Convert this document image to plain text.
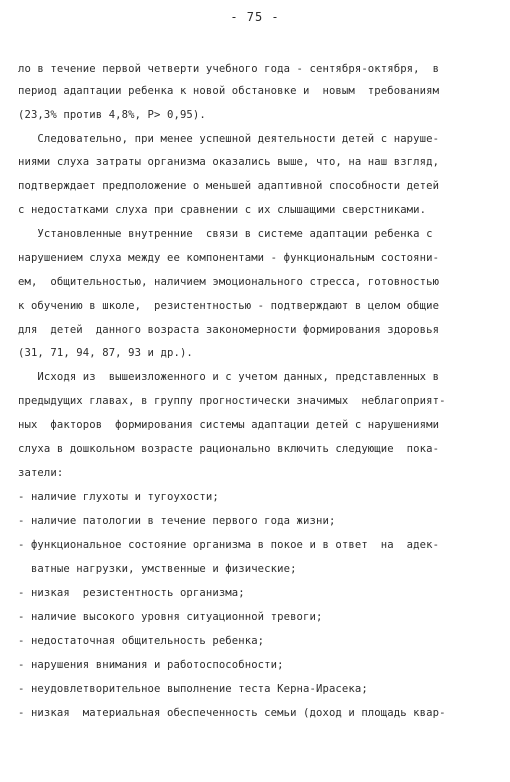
- 75 -
ло в течение первой четверти учебного года - сентября-октября,  в
период адаптации ребенка к новой обстановке и  новым  требованиям
(23,3% против 4,8%, Р> 0,95).
Следовательно, при менее успешной деятельности детей с наруше-
ниями слуха затраты организма оказались выше, что, на наш взгляд,
подтверждает предположение о меньшей адаптивной способности детей
с недостатками слуха при сравнении с их слышащими сверстниками.
Установленные внутренние  связи в системе адаптации ребенка с
нарушением слуха между ее компонентами - функциональным состояни-
ем,  общительностью, наличием эмоционального стресса, готовностью
к обучению в школе,  резистентностью - подтверждают в целом общие
для  детей  данного возраста закономерности формирования здоровья
(31, 71, 94, 87, 93 и др.).
Исходя из  вышеизложенного и с учетом данных, представленных в
предыдущих главах, в группу прогностически значимых  неблагоприят-
ных  факторов  формирования системы адаптации детей с нарушениями
слуха в дошкольном возрасте рационально включить следующие  пока-
затели:
- наличие глухоты и тугоухости;
- наличие патологии в течение первого года жизни;
- функциональное состояние организма в покое и в ответ  на  адек-
ватные нагрузки, умственные и физические;
- низкая  резистентность организма;
- наличие высокого уровня ситуационной тревоги;
- недостаточная общительность ребенка;
- нарушения внимания и работоспособности;
- неудовлетворительное выполнение теста Керна-Ирасека;
- низкая  материальная обеспеченность семьи (доход и площадь квар-
